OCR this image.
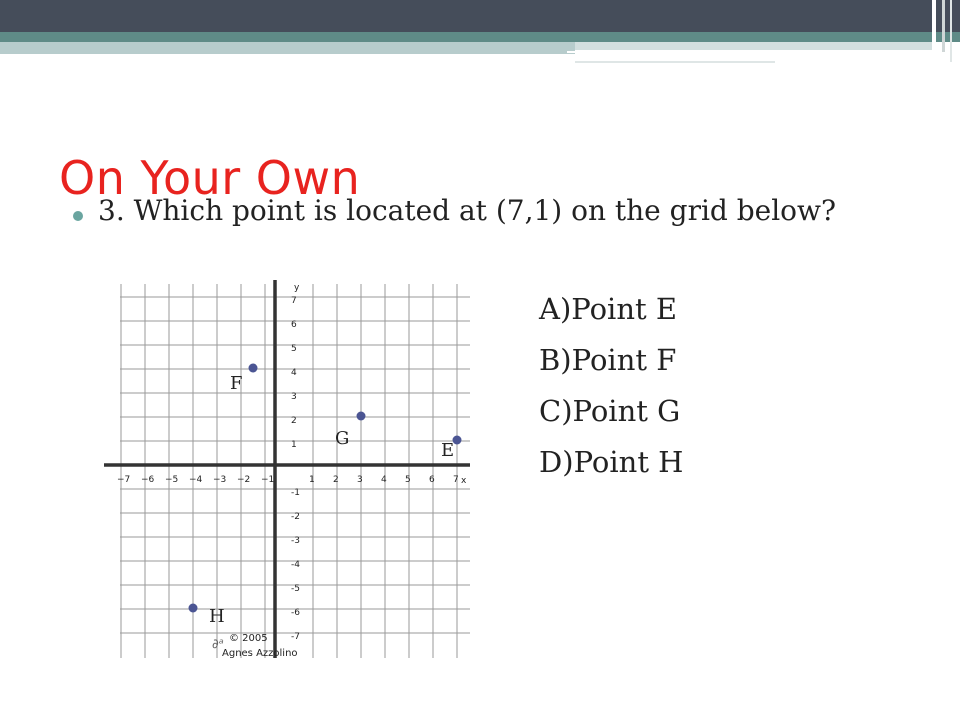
−7 −6 −5 −4 −3 −2 −1	1 2 3 4 5 6 7
7
6
5
4
3
2
1
-1
-2
-3
-4
-5
-6
-7
x
y
E
F
G
H
© 2005
Agnes Azzolino
∂ᵃ
On Your Own

3. Which point is located at (7,1) on the grid below?

A)Point E
B)Point F
C)Point G
D)Point H
